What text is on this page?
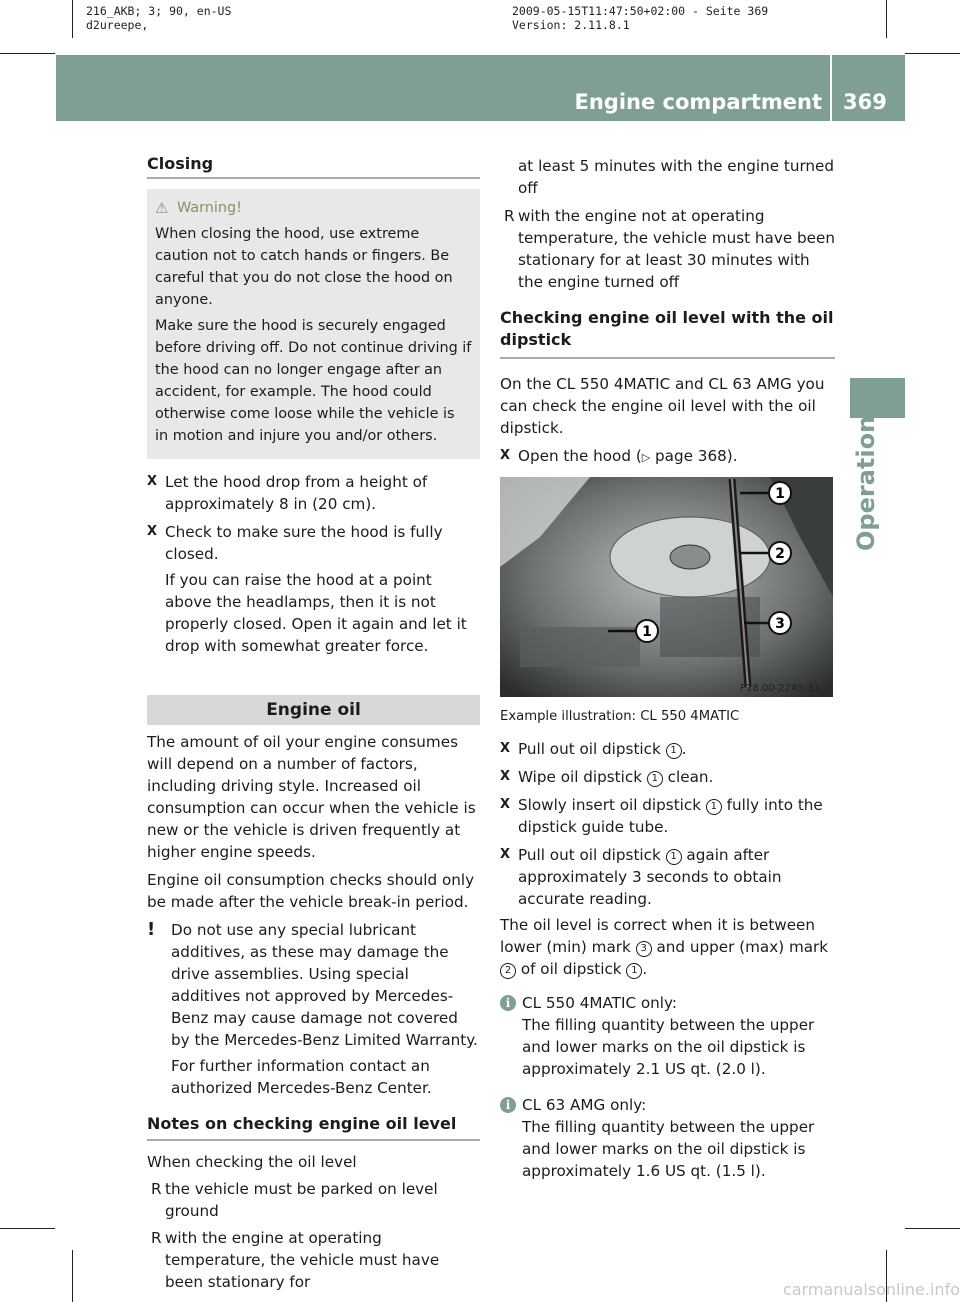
216_AKB; 3; 90, en-US
d2ureepe,
2009-05-15T11:47:50+02:00 - Seite 369
Version: 2.11.8.1
Engine compartment 369
Operation
Closing

⚠ Warning!

When closing the hood, use extreme caution not to catch hands or fingers. Be careful that you do not close the hood on anyone.

Make sure the hood is securely engaged before driving off. Do not continue driving if the hood can no longer engage after an accident, for example. The hood could otherwise come loose while the vehicle is in motion and injure you and/or others.

X Let the hood drop from a height of approximately 8 in (20 cm).
X Check to make sure the hood is fully closed.

If you can raise the hood at a point above the headlamps, then it is not properly closed. Open it again and let it drop with somewhat greater force.

Engine oil

The amount of oil your engine consumes will depend on a number of factors, including driving style. Increased oil consumption can occur when the vehicle is new or the vehicle is driven frequently at higher engine speeds.

Engine oil consumption checks should only be made after the vehicle break-in period.

! Do not use any special lubricant additives, as these may damage the drive assemblies. Using special additives not approved by Mercedes-Benz may cause damage not covered by the Mercedes-Benz Limited Warranty.

For further information contact an authorized Mercedes-Benz Center.

Notes on checking engine oil level

When checking the oil level

R the vehicle must be parked on level ground
R with the engine at operating temperature, the vehicle must have been stationary for

at least 5 minutes with the engine turned off

R with the engine not at operating temperature, the vehicle must have been stationary for at least 30 minutes with the engine turned off
Checking engine oil level with the oil dipstick

On the CL 550 4MATIC and CL 63 AMG you can check the engine oil level with the oil dipstick.

X Open the hood (▷ page 368).
1
2
3
1
P18.00-2245-31

Example illustration: CL 550 4MATIC

X Pull out oil dipstick 1 .
X Wipe oil dipstick 1 clean.
X Slowly insert oil dipstick 1 fully into the dipstick guide tube.
X Pull out oil dipstick 1 again after approximately 3 seconds to obtain accurate reading.

The oil level is correct when it is between lower (min) mark 3 and upper (max) mark 2 of oil dipstick 1 .

i CL 550 4MATIC only:

The filling quantity between the upper and lower marks on the oil dipstick is approximately 2.1 US qt. (2.0 l).

i CL 63 AMG only:

The filling quantity between the upper and lower marks on the oil dipstick is approximately 1.6 US qt. (1.5 l).

carmanualsonline.info
